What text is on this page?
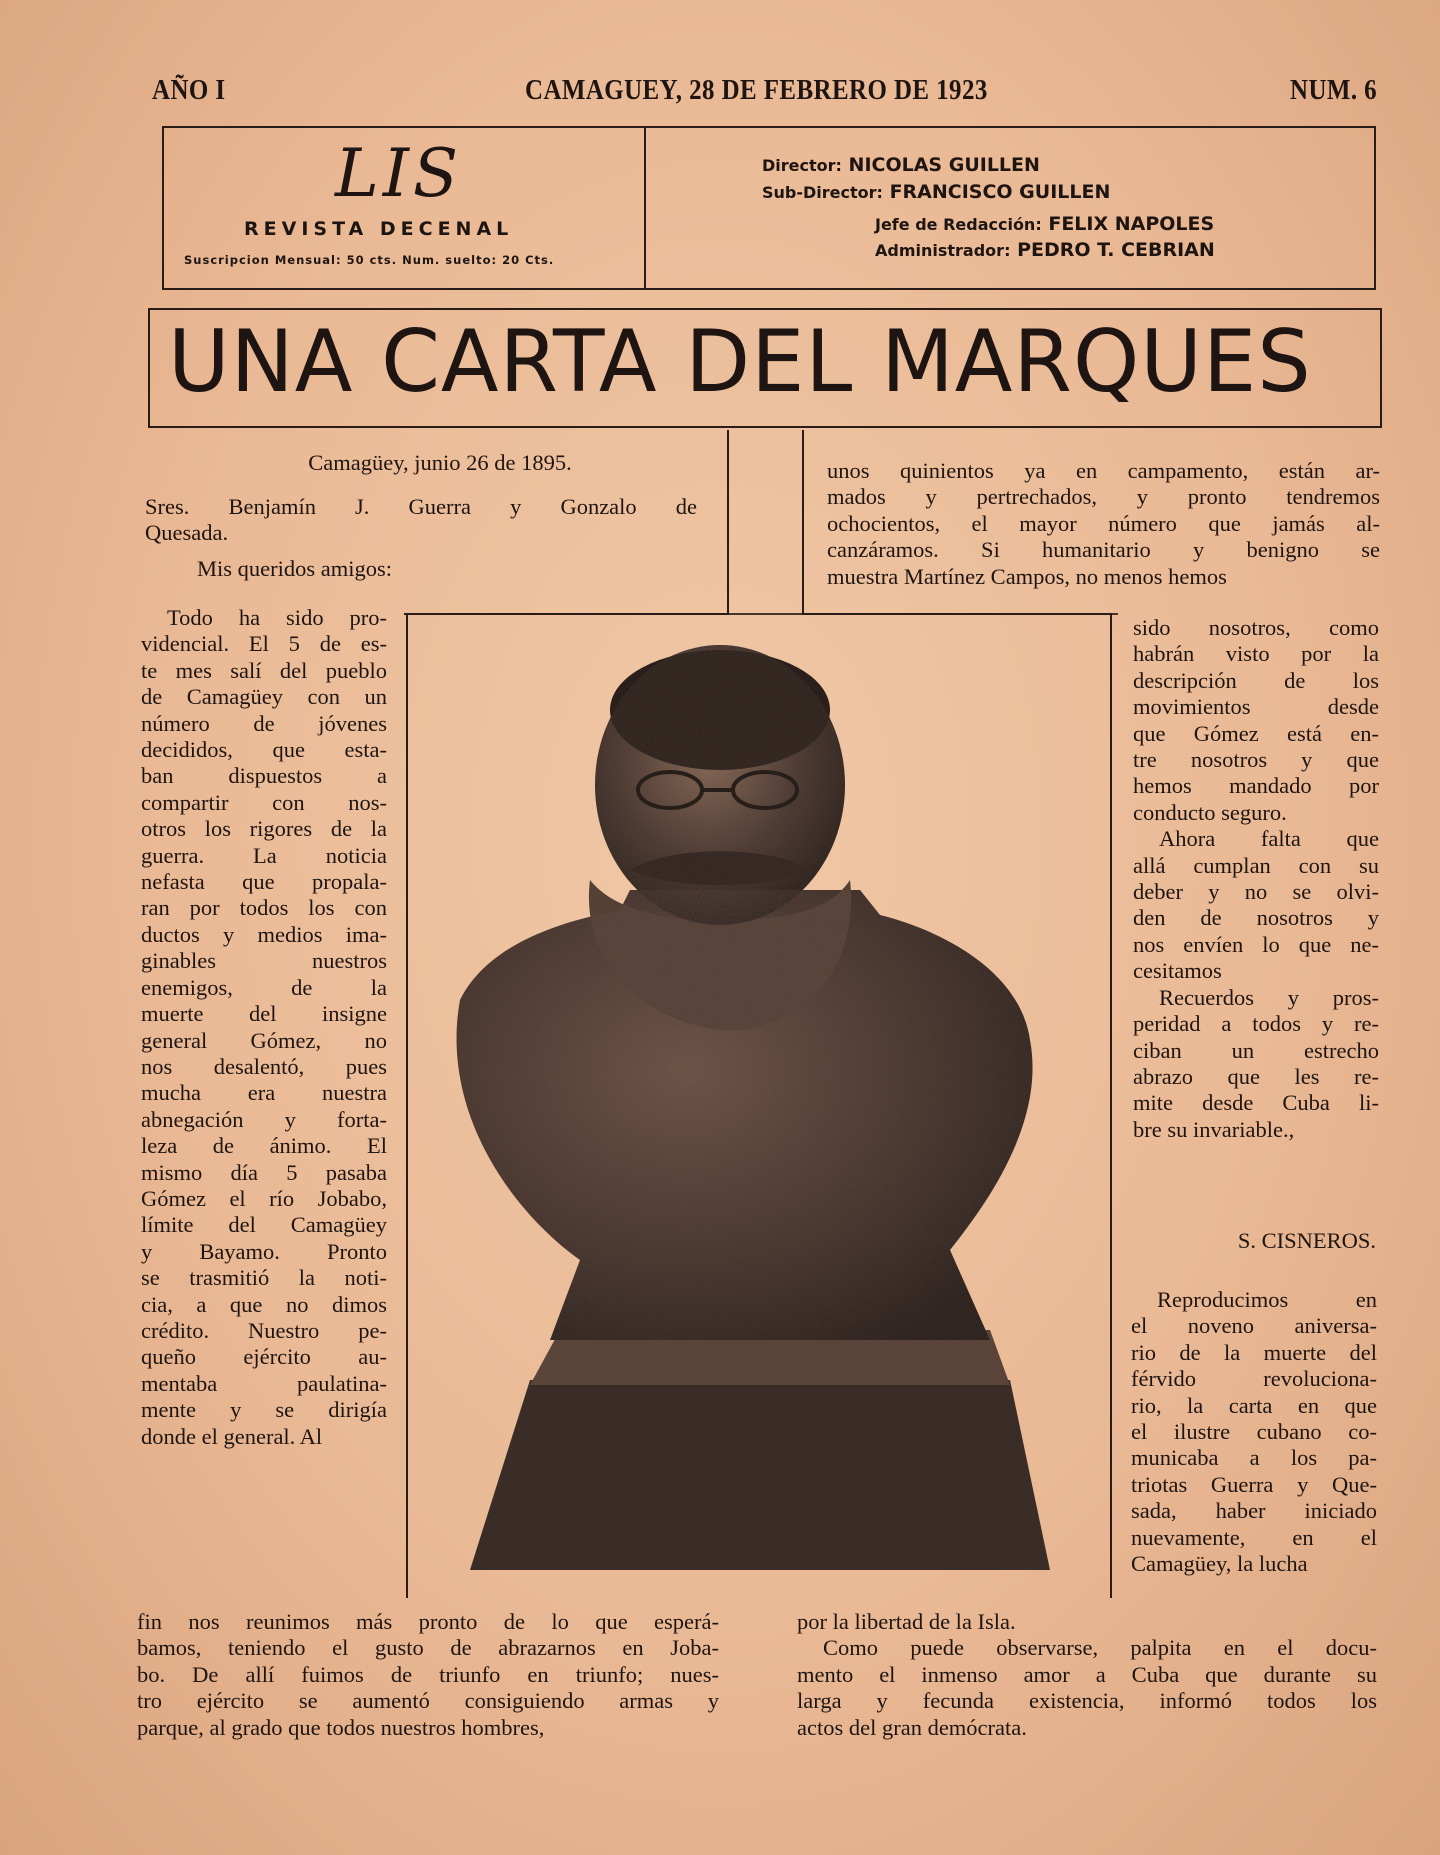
AÑO I	CAMAGUEY, 28 DE FEBRERO DE 1923	NUM. 6
LIS
REVISTA DECENAL
Suscripcion Mensual: 50 cts. Num. suelto: 20 Cts.
Director: NICOLAS GUILLEN
Sub-Director: FRANCISCO GUILLEN
Jefe de Redacción: FELIX NAPOLES
Administrador: PEDRO T. CEBRIAN
UNA CARTA DEL MARQUES
Camagüey, junio 26 de 1895.

Sres. Benjamín J. Guerra y Gonzalo de

Quesada.

Mis queridos amigos:

Todo ha sido pro-

videncial. El 5 de es-

te mes salí del pueblo

de Camagüey con un

número de jóvenes

decididos, que esta-

ban dispuestos a

compartir con nos-

otros los rigores de la

guerra. La noticia

nefasta que propala-

ran por todos los con

ductos y medios ima-

ginables nuestros

enemigos, de la

muerte del insigne

general Gómez, no

nos desalentó, pues

mucha era nuestra

abnegación y forta-

leza de ánimo. El

mismo día 5 pasaba

Gómez el río Jobabo,

límite del Camagüey

y Bayamo. Pronto

se trasmitió la noti-

cia, a que no dimos

crédito. Nuestro pe-

queño ejército au-

mentaba paulatina-

mente y se dirigía

donde el general. Al

fin nos reunimos más pronto de lo que esperá-

bamos, teniendo el gusto de abrazarnos en Joba-

bo. De allí fuimos de triunfo en triunfo; nues-

tro ejército se aumentó consiguiendo armas y

parque, al grado que todos nuestros hombres,

unos quinientos ya en campamento, están ar-

mados y pertrechados, y pronto tendremos

ochocientos, el mayor número que jamás al-

canzáramos. Si humanitario y benigno se

muestra Martínez Campos, no menos hemos

sido nosotros, como

habrán visto por la

descripción de los

movimientos desde

que Gómez está en-

tre nosotros y que

hemos mandado por

conducto seguro.

Ahora falta que

allá cumplan con su

deber y no se olvi-

den de nosotros y

nos envíen lo que ne-

cesitamos

Recuerdos y pros-

peridad a todos y re-

ciban un estrecho

abrazo que les re-

mite desde Cuba li-

bre su invariable.,

S. CISNEROS.

Reproducimos en

el noveno aniversa-

rio de la muerte del

férvido revoluciona-

rio, la carta en que

el ilustre cubano co-

municaba a los pa-

triotas Guerra y Que-

sada, haber iniciado

nuevamente, en el

Camagüey, la lucha

por la libertad de la Isla.

Como puede observarse, palpita en el docu-

mento el inmenso amor a Cuba que durante su

larga y fecunda existencia, informó todos los

actos del gran demócrata.
